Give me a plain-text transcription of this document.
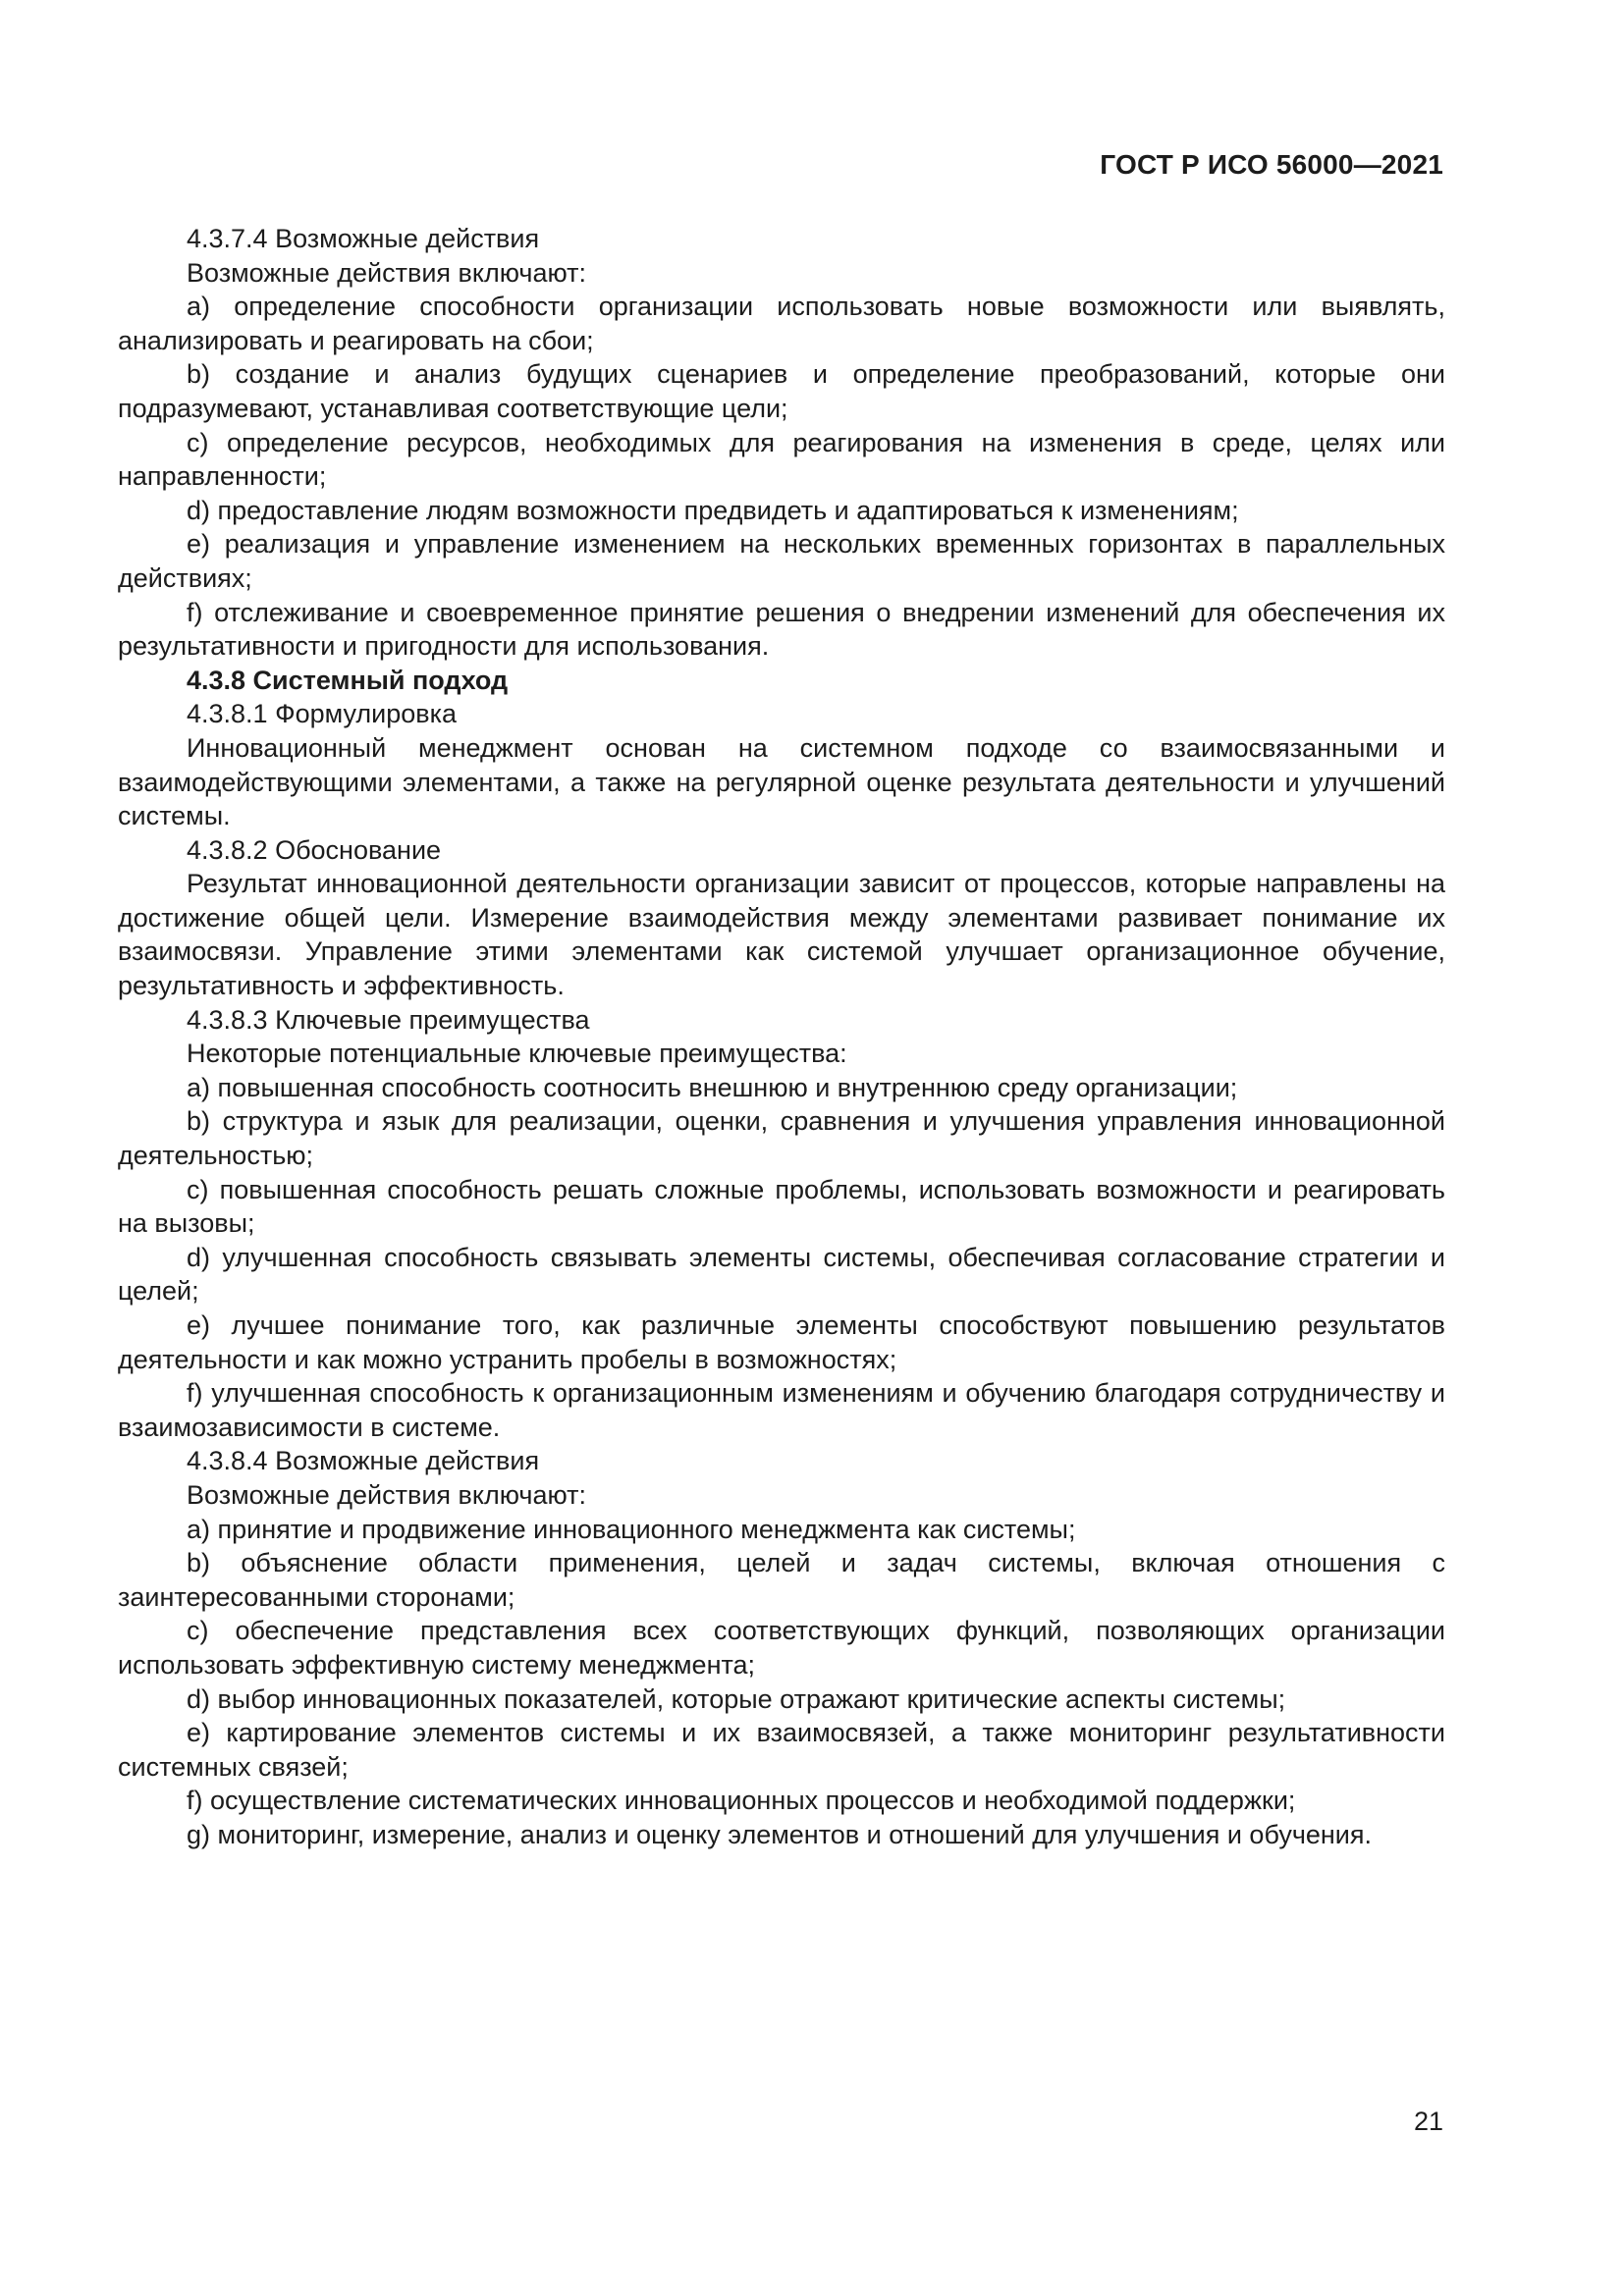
ГОСТ Р ИСО 56000—2021

4.3.7.4 Возможные действия

Возможные действия включают:

a) определение способности организации использовать новые возможности или выявлять, анализировать и реагировать на сбои;

b) создание и анализ будущих сценариев и определение преобразований, которые они подразумевают, устанавливая соответствующие цели;

c) определение ресурсов, необходимых для реагирования на изменения в среде, целях или направленности;

d) предоставление людям возможности предвидеть и адаптироваться к изменениям;

e) реализация и управление изменением на нескольких временных горизонтах в параллельных действиях;

f) отслеживание и своевременное принятие решения о внедрении изменений для обеспечения их результативности и пригодности для использования.

4.3.8 Системный подход

4.3.8.1 Формулировка

Инновационный менеджмент основан на системном подходе со взаимосвязанными и взаимодействующими элементами, а также на регулярной оценке результата деятельности и улучшений системы.

4.3.8.2 Обоснование

Результат инновационной деятельности организации зависит от процессов, которые направлены на достижение общей цели. Измерение взаимодействия между элементами развивает понимание их взаимосвязи. Управление этими элементами как системой улучшает организационное обучение, результативность и эффективность.

4.3.8.3 Ключевые преимущества

Некоторые потенциальные ключевые преимущества:

a) повышенная способность соотносить внешнюю и внутреннюю среду организации;

b) структура и язык для реализации, оценки, сравнения и улучшения управления инновационной деятельностью;

c) повышенная способность решать сложные проблемы, использовать возможности и реагировать на вызовы;

d) улучшенная способность связывать элементы системы, обеспечивая согласование стратегии и целей;

e) лучшее понимание того, как различные элементы способствуют повышению результатов деятельности и как можно устранить пробелы в возможностях;

f) улучшенная способность к организационным изменениям и обучению благодаря сотрудничеству и взаимозависимости в системе.

4.3.8.4 Возможные действия

Возможные действия включают:

a) принятие и продвижение инновационного менеджмента как системы;

b) объяснение области применения, целей и задач системы, включая отношения с заинтересованными сторонами;

c) обеспечение представления всех соответствующих функций, позволяющих организации использовать эффективную систему менеджмента;

d) выбор инновационных показателей, которые отражают критические аспекты системы;

e) картирование элементов системы и их взаимосвязей, а также мониторинг результативности системных связей;

f) осуществление систематических инновационных процессов и необходимой поддержки;

g) мониторинг, измерение, анализ и оценку элементов и отношений для улучшения и обучения.

21
